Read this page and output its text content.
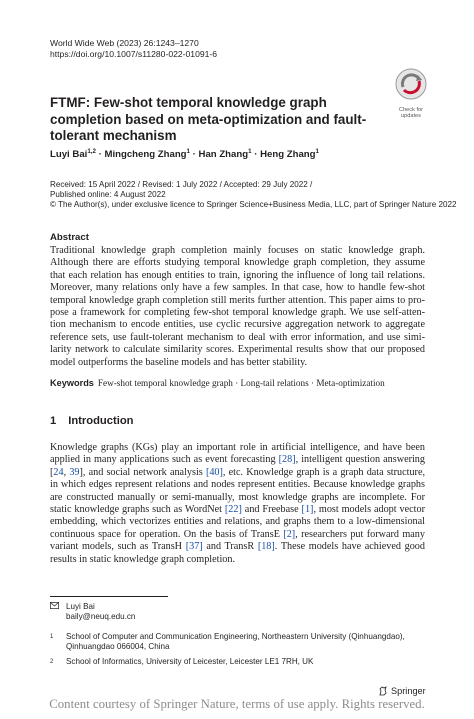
World Wide Web (2023) 26:1243–1270
https://doi.org/10.1007/s11280-022-01091-6
Check for
updates
FTMF: Few-shot temporal knowledge graph completion based on meta-optimization and fault-tolerant mechanism
Luyi Bai$^{1,2}$ · Mingcheng Zhang$^1$ · Han Zhang$^1$ · Heng Zhang$^1$
Received: 15 April 2022 / Revised: 1 July 2022 / Accepted: 29 July 2022 /
Published online: 4 August 2022
© The Author(s), under exclusive licence to Springer Science+Business Media, LLC, part of Springer Nature 2022
Abstract
Traditional knowledge graph completion mainly focuses on static knowledge graph.
Although there are efforts studying temporal knowledge graph completion, they assume
that each relation has enough entities to train, ignoring the influence of long tail relations.
Moreover, many relations only have a few samples. In that case, how to handle few-shot
temporal knowledge graph completion still merits further attention. This paper aims to pro-
pose a framework for completing few-shot temporal knowledge graph. We use self-atten-
tion mechanism to encode entities, use cyclic recursive aggregation network to aggregate
reference sets, use fault-tolerant mechanism to deal with error information, and use simi-
larity network to calculate similarity scores. Experimental results show that our proposed
model outperforms the baseline models and has better stability.
Keywords Few-shot temporal knowledge graph · Long-tail relations · Meta-optimization
1 Introduction
Knowledge graphs (KGs) play an important role in artificial intelligence, and have been
applied in many applications such as event forecasting [28], intelligent question answering
[24, 39], and social network analysis [40], etc. Knowledge graph is a graph data structure,
in which edges represent relations and nodes represent entities. Because knowledge graphs
are constructed manually or semi-manually, most knowledge graphs are incomplete. For
static knowledge graphs such as WordNet [22] and Freebase [1], most models adopt vector
embedding, which vectorizes entities and relations, and graphs them to a low-dimensional
continuous space for operation. On the basis of TransE [2], researchers put forward many
variant models, such as TransH [37] and TransR [18]. These models have achieved good
results in static knowledge graph completion.
Luyi Bai
baily@neuq.edu.cn
1 School of Computer and Communication Engineering, Northeastern University (Qinhuangdao),
Qinhuangdao 066004, China
2 School of Informatics, University of Leicester, Leicester LE1 7RH, UK
Springer
Content courtesy of Springer Nature, terms of use apply. Rights reserved.
